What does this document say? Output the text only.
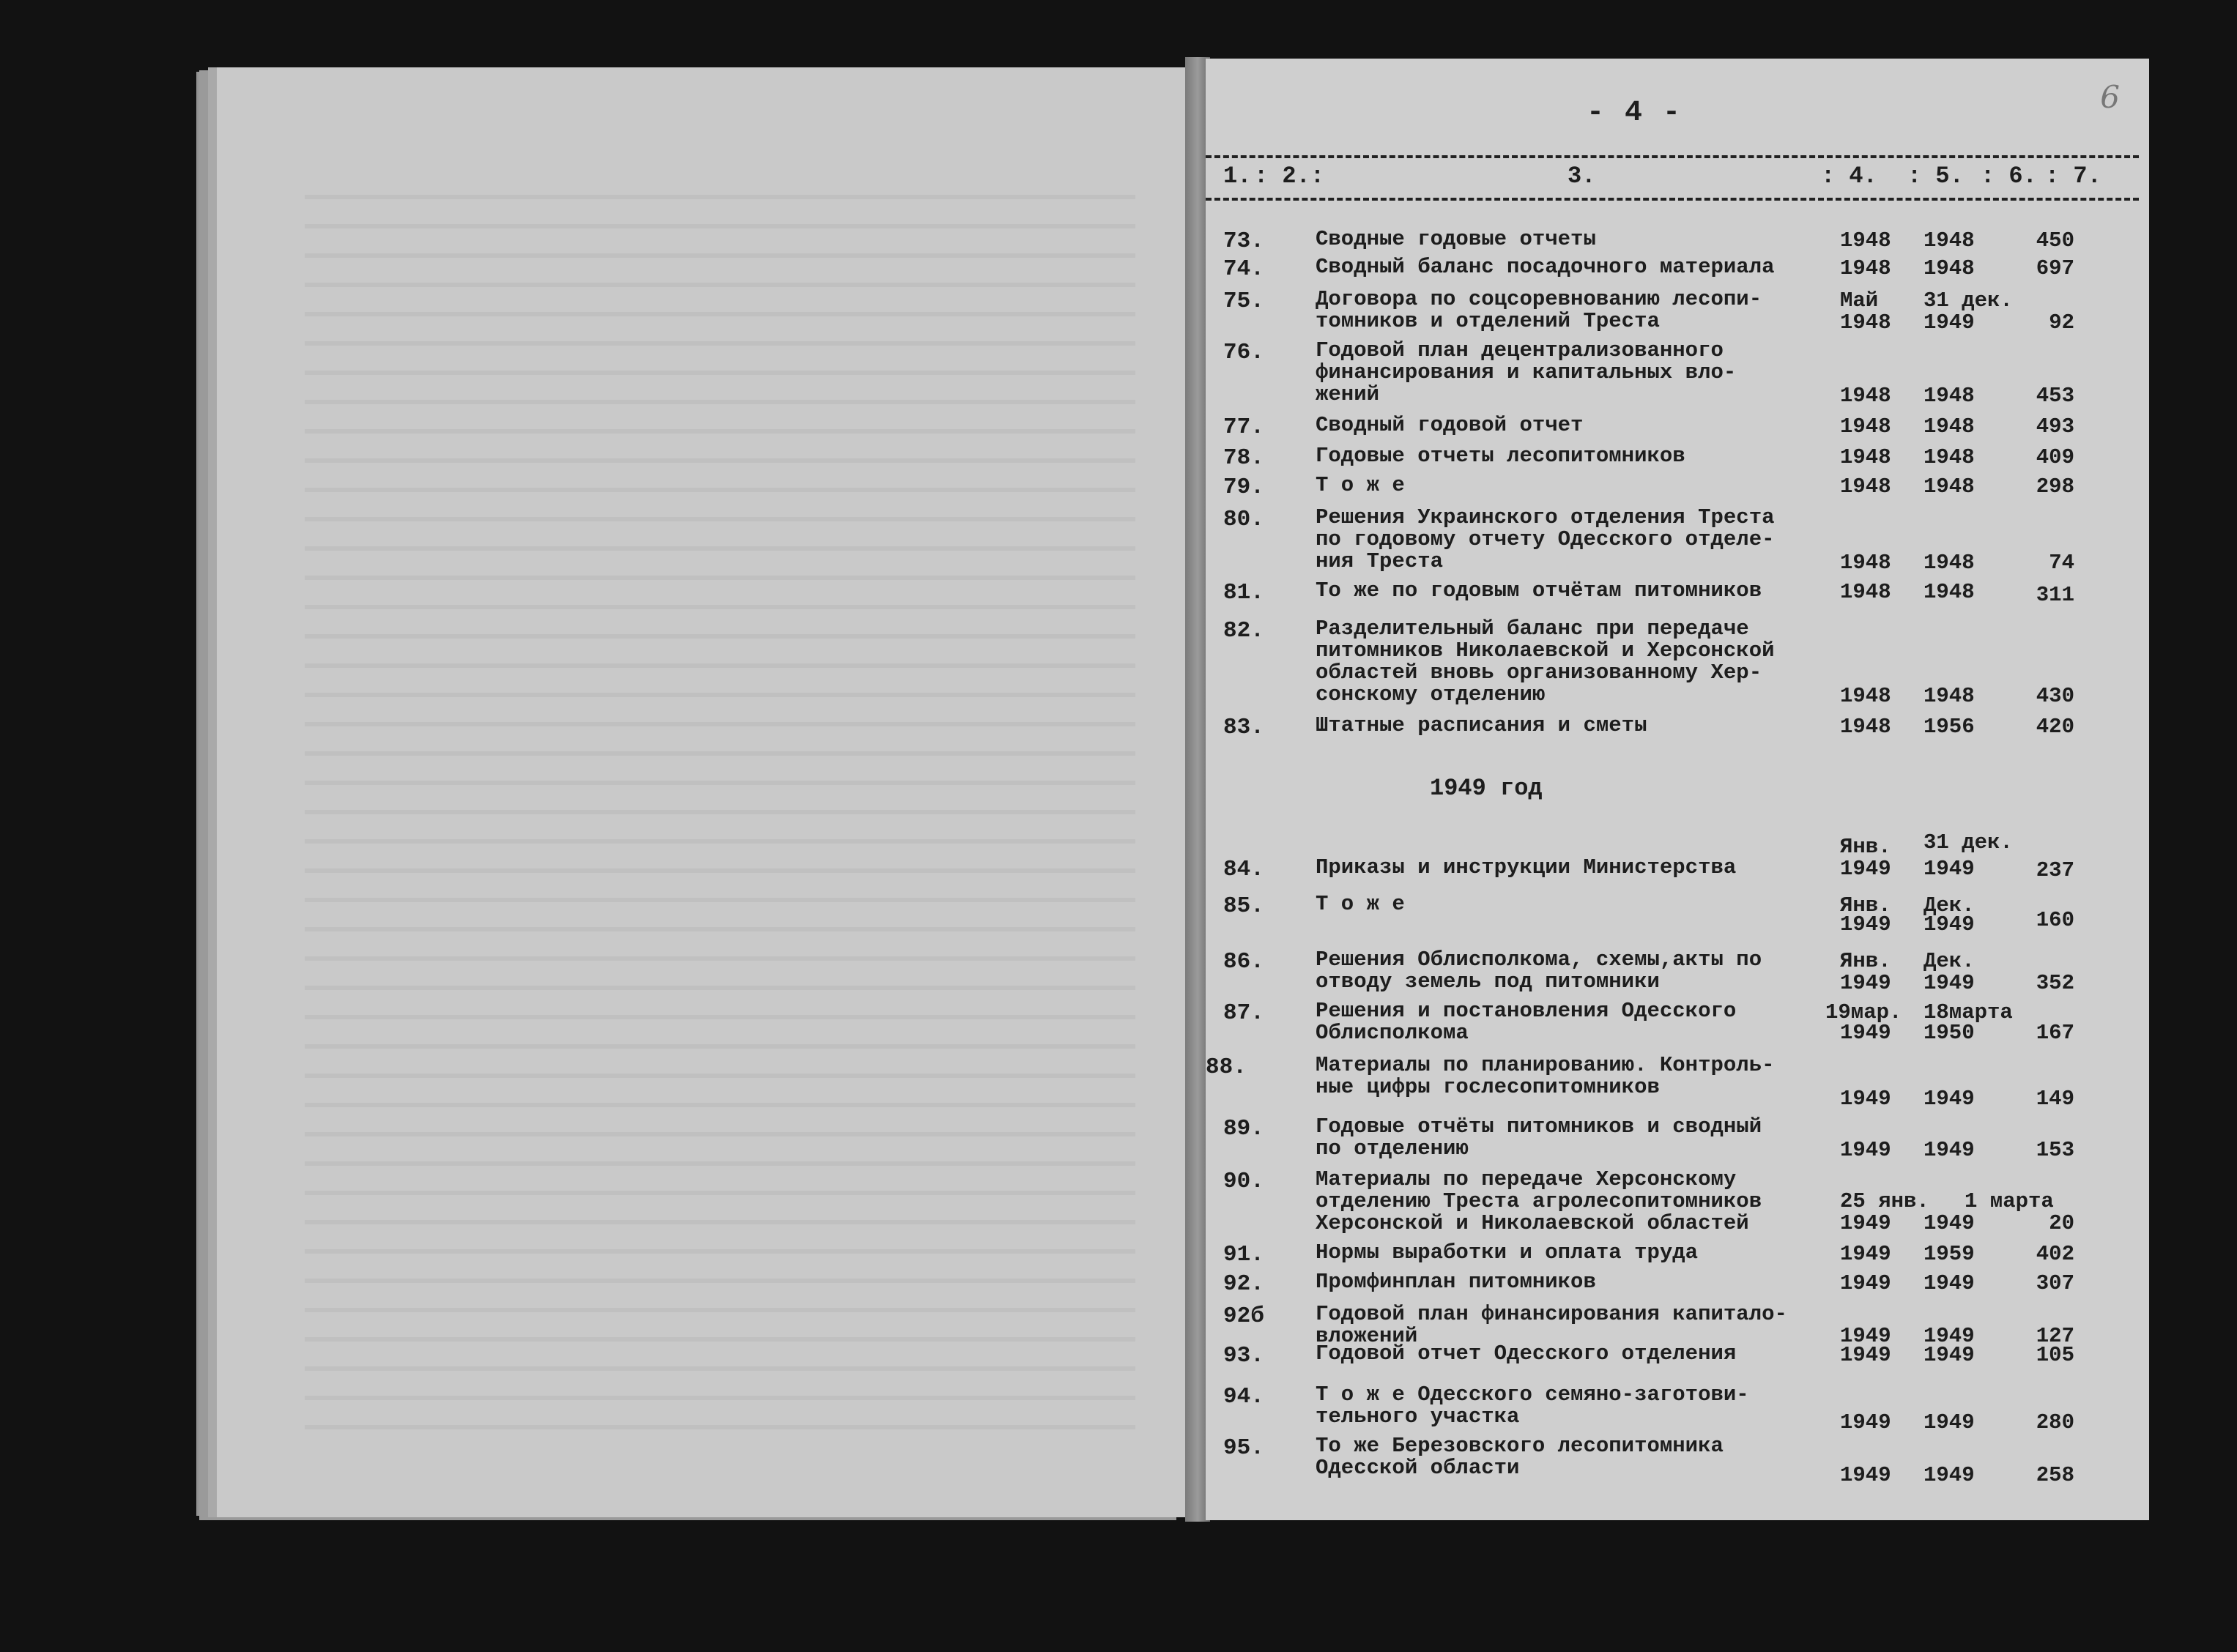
- 4 -	6
1. : 2.:	3.	: 4. : 5. : 6. : 7.
1949 год
73. Сводные годовые отчеты	1948 1948	450
74. Сводный баланс посадочного материала	1948 1948	697
75. Договора по соцсоревнованию лесопи-
томников и отделений Треста
Май 31 дек.
1948 1949	92
76. Годовой план децентрализованного
финансирования и капитальных вло-
жений	1948 1948	453
77. Сводный годовой отчет	1948 1948	493
78. Годовые отчеты лесопитомников	1948 1948	409
79. Т о ж е	1948 1948	298
80. Решения Украинского отделения Треста
по годовому отчету Одесского отделе-
ния Треста	1948 1948	74
81. То же по годовым отчётам питомников	1948 1948	311
82. Разделительный баланс при передаче
питомников Николаевской и Херсонской
областей вновь организованному Хер-
сонскому отделению	1948 1948	430
83. Штатные расписания и сметы	1948 1956	420
84. Приказы и инструкции Министерства
Янв. 31 дек.
1949 1949	237
85. Т о ж е	Янв. Дек.
1949 1949	160
86. Решения Облисполкома, схемы,акты по
отводу земель под питомники
Янв. Дек.
1949 1949	352
87. Решения и постановления Одесского
Облисполкома
19мар. 18марта
1949 1950	167
88.	Материалы по планированию. Контроль-
ные цифры гослесопитомников	1949 1949	149
89. Годовые отчёты питомников и сводный
по отделению	1949 1949	153
90. Материалы по передаче Херсонскому
отделению Треста агролесопитомников
Херсонской и Николаевской областей
25 янв. 1 марта
1949 1949	20
91. Нормы выработки и оплата труда	1949 1959	402
92. Промфинплан питомников	1949 1949	307
92б Годовой план финансирования капитало-
вложений	1949 1949	127
93. Годовой отчет Одесского отделения	1949 1949	105
94. Т о ж е Одесского семяно-заготови-
тельного участка	1949 1949	280
95. То же Березовского лесопитомника
Одесской области	1949 1949	258
